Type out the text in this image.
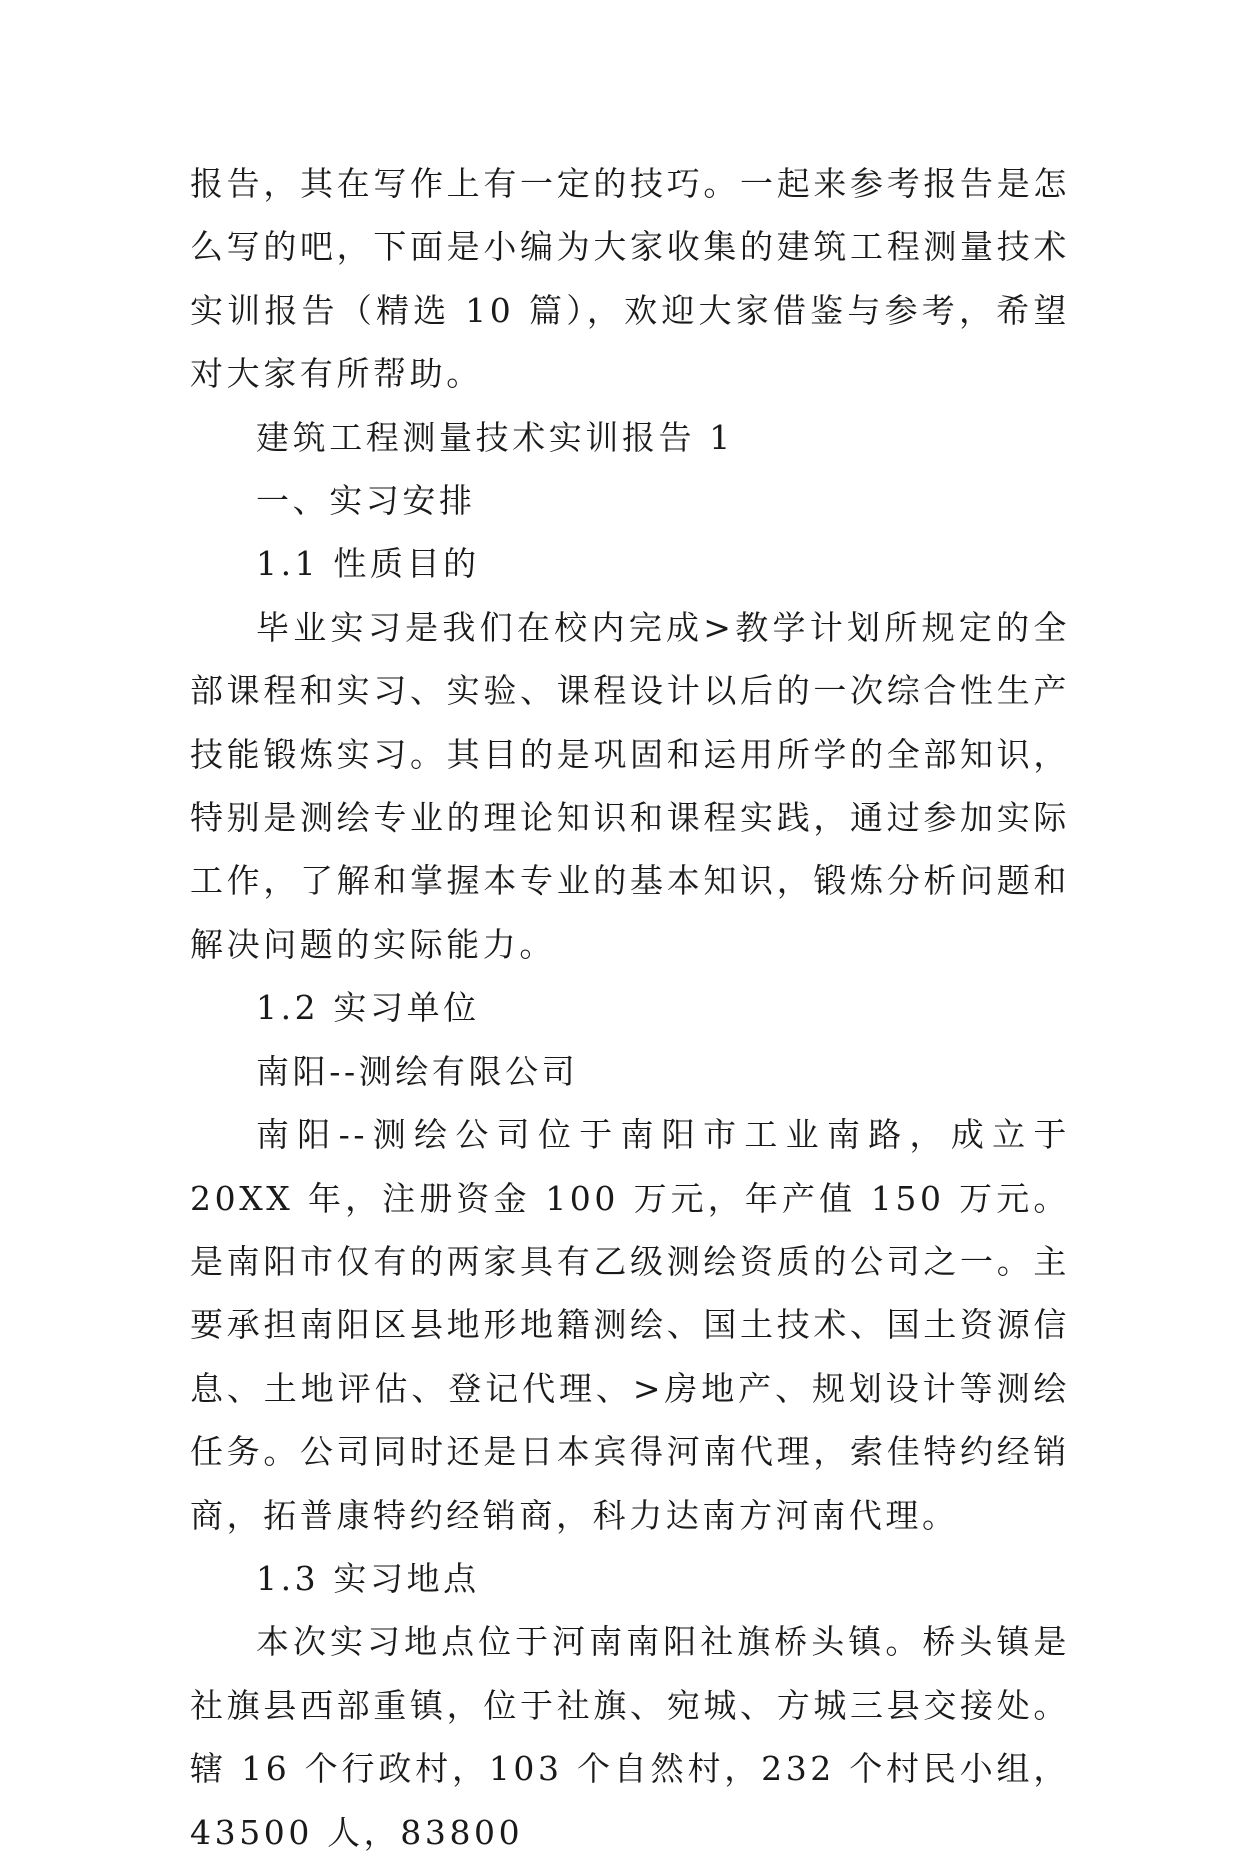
报告，其在写作上有一定的技巧。一起来参考报告是怎么写的吧，下面是小编为大家收集的建筑工程测量技术实训报告（精选 10 篇），欢迎大家借鉴与参考，希望对大家有所帮助。

建筑工程测量技术实训报告 1

一、实习安排

1.1 性质目的

毕业实习是我们在校内完成>教学计划所规定的全部课程和实习、实验、课程设计以后的一次综合性生产技能锻炼实习。其目的是巩固和运用所学的全部知识，特别是测绘专业的理论知识和课程实践，通过参加实际工作，了解和掌握本专业的基本知识，锻炼分析问题和解决问题的实际能力。

1.2 实习单位

南阳--测绘有限公司

南阳--测绘公司位于南阳市工业南路，成立于 20XX 年，注册资金 100 万元，年产值 150 万元。是南阳市仅有的两家具有乙级测绘资质的公司之一。主要承担南阳区县地形地籍测绘、国土技术、国土资源信息、土地评估、登记代理、>房地产、规划设计等测绘任务。公司同时还是日本宾得河南代理，索佳特约经销商，拓普康特约经销商，科力达南方河南代理。

1.3 实习地点

本次实习地点位于河南南阳社旗桥头镇。桥头镇是社旗县西部重镇，位于社旗、宛城、方城三县交接处。辖 16 个行政村，103 个自然村，232 个村民小组，43500 人，83800
